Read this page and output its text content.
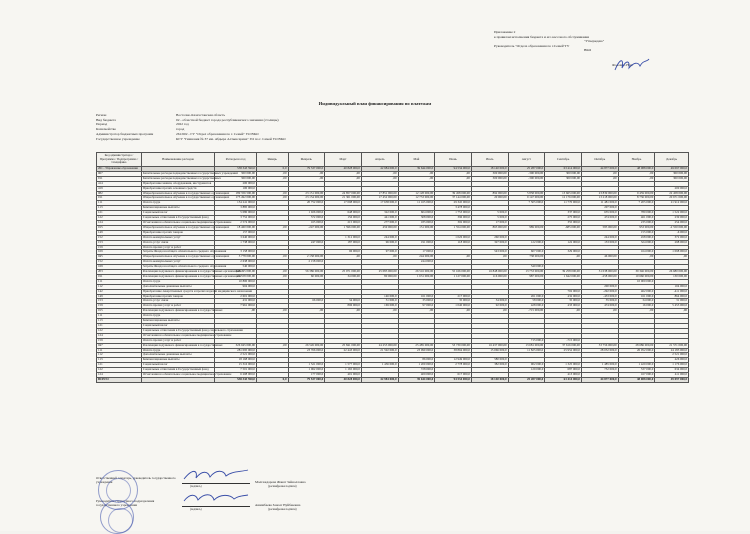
Приложение 2
к правилам исполнения бюджета и его кассового обслуживания
"Утверждаю"
Руководитель "Отдела образования по г.Семей"ГУ
ВКО
Фоломко Н.А.
Индивидуальный план финансирования по платежам
Регион	Восточно-Казахстанская область
Вид бюджета	02 - областной бюджет города республиканского значения (столицы)
Период	2022 год
Казначейство	город
Администратор бюджетных программ	261/602 - ГУ "Отдел образования по г. Семей" УО ВКО
Государственное учреждение	КГУ "Гимназия № 37 им. Абдыра Алтынсарина" ГО по г. Семей УО ВКО
Код администратора / Программа / Подпрограмма / Специфика	Наименование расходов	Расходы на год	Январь	Февраль	Март	Апрель	Май	Июнь	Июль	Август	Сентябрь	Октябрь	Ноябрь	Декабрь
261 - Управление образования		538 343 590,0	0,0	79 537 000,0	40 828 000,0	42 984 000,0	39 644 000,0	94 534 000,0	18 140 000,0	25 287 000,0	63 414 000,0	44 877 000,0	48 088 000,0	49 097 000,0
067	Капитальные расходы подведомственных государственных учреждений	300 000,00	,00	,00	,00	,00	,00	,00	300 000,00	-300 000,00	300 000,00	,00	,00	300 000,00
011	Капитальные расходы подведомственных государственных	300 000,00	,00	,00	,00	,00	,00	,00	300 000,00	-300 000,00	300 000,00	,00	,00	300 000,00
414	Приобретение машин, оборудования, инструментов	200 000,0												
419	Приобретение прочих основных средств	100 000,0												200 000,0
082	Общеобразовательное обучение в государственных организациях	189 356 590,00	,00	23 151 000,00	24 857 000,00	17 851 000,00	12 128 000,00	39 458 000,00	892 000,00	5 858 000,00	13 665 000,00	23 839 000,00	9 459 000,00	22 458 000,00
011	Общеобразовательное обучение в государственных организациях	175 492 000,00	,00	23 154 000,00	21 361 000,00	17 452 000,00	12 753 000,00	37 144 000,00	20 000,00	9 147 000,00	12 176 000,00	13 218 000,00	8 736 000,00	20 671 000,00
111	Оплата труда	154 241 000,0		20 752 000,0	17 098 000,0	17 638 000,0	11 165 000,0	29 345 000,0		7 505 000,0	11 770 000,0	11 481 000,0	7 205 000,0	21 912 000,0
113	Компенсационные выплаты	3 885 000,0						3 478 000,0				207 000,0		
121	Социальный налог	5 080 000,0		1 026 000,0	648 000,0	322 000,0	604 000,0	1 753 000,0	5 000,0		337 000,0	635 000,0	780 000,0	1 522 000,0
122	Социальные отчисления в Государственный фонд	3 752 000,0		572 000,0	156 000,0	441 000,0	308 000,0	396 000,0	5 000,0		275 000,0	474 000,0	461 000,0	239 000,0
124	Отчисления на обязательное социальное медицинское страхование	2 574 000,0		165 000,0	215 000,0	277 000,0	185 000,0	302 000,0	17 000,0		355 000,0		235 000,0	254 000,0
015	Общеобразовательное обучение в государственных организациях	18 460 000,00	,00	-247 000,00	1 596 000,00	459 000,00	151 000,00	1 554 000,00	863 000,00	989 000,00	-685 000,00	583 000,00	953 000,00	-2 550 000,00
149	Приобретение прочих товаров	157 000,0											155 000,0	-6 000,0
152	Оплата коммунальных услуг	3 640 000,0			1 312 000,0	244 000,0		1 026 000,0	260 000,0			244 000,0	458 000,0	372 000,0
153	Оплата услуг связи	1 738 000,0		247 000,0	187 000,0	96 000,0	191 000,0	118 000,0	327 000,0	122 000,0	122 000,0	153 000,0	324 000,0	298 000,0
159	Оплата прочих услуг и работ													
169	Затраты Фонда всеобщего обязательного среднего образования	3 158 000,0			96 000,0	97 000,0	17 000,0		543 000,0	607 000,0	329 000,0		164 000,0	1 098 000,0
045	Общеобразовательное обучение в государственных организациях	3 778 000,00	,00	2 158 000,00	,00	,00	244 000,00	,00	,00	738 000,00	,00	46 000,00	,00	,00
152	Оплата коммунальных услуг	2 638 000,0		2 158 000,0			244 000,0							
169	Затраты Фонда всеобщего обязательного среднего образования	540 000,0								540 000,0				
203	Реализация подушевого финансирования в государственных организациях	348 495 000,00	,00	56 386 000,00	25 971 000,00	25 083 000,00	26 516 000,00	55 166 000,00	16 848 000,00	13 753 000,00	39 258 000,00	31 038 000,00	39 346 000,00	26 680 000,00
011	Реализация подушевого финансирования в государственных организациях	21 558 000,00	,00	60 000,00	34 000,00	80 000,00	1 631 000,00	1 127 000,00	116 000,00	987 000,00	1 642 000,00	-258 000,00	10 660 000,00	130 000,00
111	Оплата труда	10 800 000,0											10 000 000,0	
112	Дополнительные денежные выплаты	904 000,0										200 000,0		104 000,0
142	Приобретение лекарственных средств и прочих изделий медицинского назначения										702 000,0	-292 000,0	462 000,0	-411 000,0
149	Приобретение прочих товаров	2 601 000,0				146 000,0	161 000,0	217 000,0		261 000,0	432 000,0	-433 000,0	161 000,0	864 000,0
153	Оплата услуг связи	431 000,0		66 000,0	34 000,0	31 000,0	35 000,0	35 000,0	34 000,0	58 000,0	35 000,0	35 000,0	34 000,0	31 000,0
159	Оплата прочих услуг и работ	7 961 000,0			896 000,0	169 000,0	97 000,0	1 040 000,0	92 000,0	428 000,0	433 000,0	474 000,0	16 000,0	5 453 000,0
015	Реализация подушевого финансирования в государственных	,00	,00	,00	,00	,00	,00	,00	,00	-715 000,00	,00	,00	,00	,00
111	Оплата труда													
113	Компенсационные выплаты													
121	Социальный налог													
122	Социальные отчисления в Государственный фонд социального страхования													
124	Отчисления на обязательное социальное медицинское страхование													
159	Оплата прочих услуг и работ									715 000,0	-715 000,0			
047	Реализация подушевого финансирования в государственных	326 945 000,00	,00	26 526 000,00	25 841 000,00	24 253 000,00	25 485 000,00	53 739 000,00	16 437 000,00	13 681 000,00	37 616 000,00	33 756 000,00	28 686 000,00	21 571 000,00
111	Оплата труда	281 095 000,0		23 766 000,0	22 443 000,0	21 592 000,0	23 090 000,0	38 894 000,0	15 066 000,0	11 825 000,0	25 952 000,0	28 052 000,0	26 052 000,0	24 183 000,0
112	Дополнительные денежные выплаты	2 521 000,0												2 521 000,0
113	Компенсационные выплаты	18 168 000,0					86 000,0	12 949 000,0	580 000,0					426 000,0
121	Социальный налог	15 316 000,0		1 521 000,0	1 577 000,0	1 436 000,0	1 200 000,0	2 778 000,0	382 000,0	902 000,0	1 325 000,0	1 485 000,0	1 429 000,0	1 176 000,0
122	Социальные отчисления в Государственный фонд	7 501 000,0		1 062 000,0	1 165 000,0		728 000,0			129 000,0	687 000,0	752 000,0	537 000,0	634 000,0
124	Отчисления на обязательное социальное медицинское страхование	6 208 000,0		177 000,0	401 000,0		409 000,0	617 000,0			413 000,0		167 000,0	411 000,0
ВСЕГО		538 343 590,0	0,0	79 537 000,0	40 828 000,0	42 984 000,0	39 644 000,0	94 534 000,0	18 140 000,0	25 287 000,0	63 414 000,0	44 877 000,0	48 088 000,0	49 097 000,0
Ответственный секретарь, руководитель государственного учреждения	Малгаждарова Жанат Зейнолловна
(подпись)	(расшифровка подписи)
Руководитель структурного подразделения государственного учреждения	Ашимбаева Заноат Нуйбековна
(подпись)	(расшифровка подписи)
